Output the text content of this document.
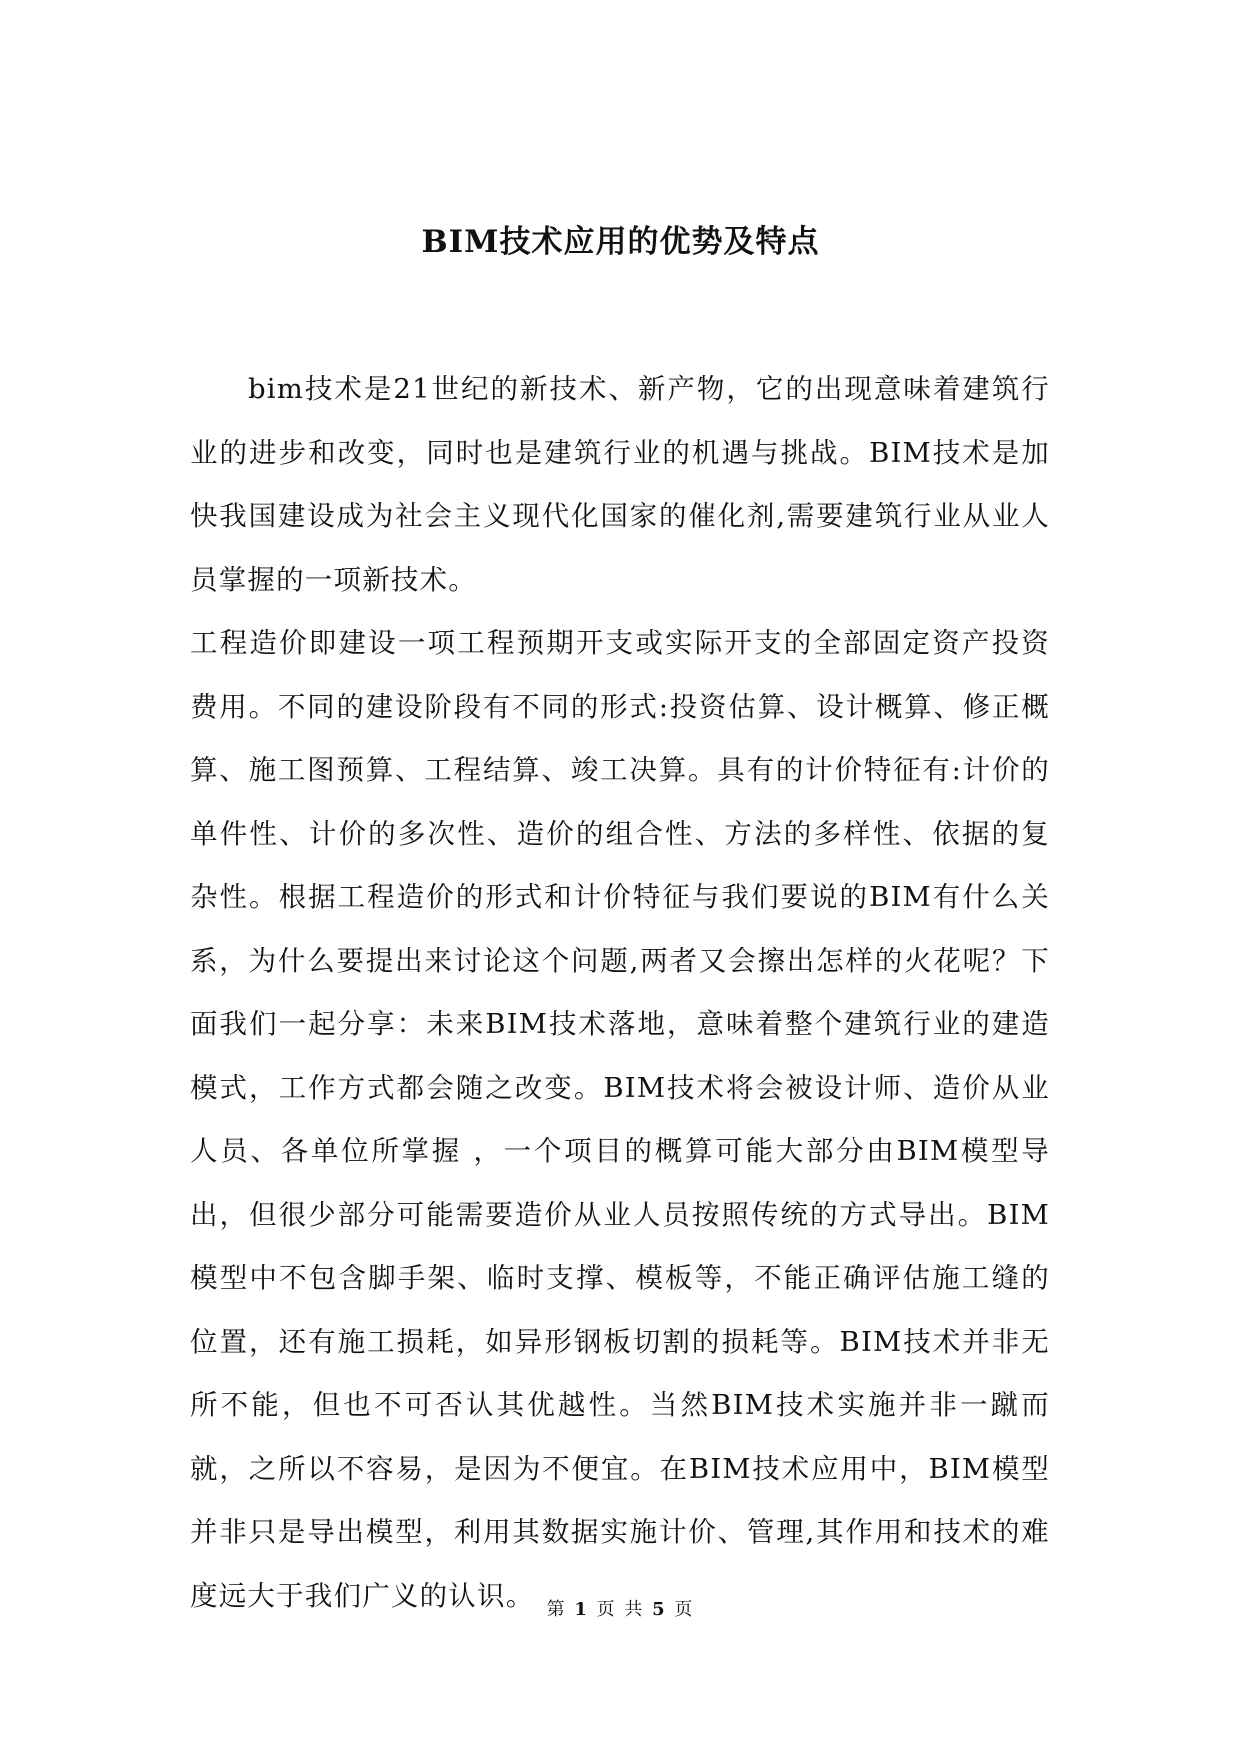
BIM技术应用的优势及特点

bim技术是21世纪的新技术、新产物，它的出现意味着建筑行业的进步和改变，同时也是建筑行业的机遇与挑战。BIM技术是加快我国建设成为社会主义现代化国家的催化剂,需要建筑行业从业人员掌握的一项新技术。

工程造价即建设一项工程预期开支或实际开支的全部固定资产投资费用。不同的建设阶段有不同的形式:投资估算、设计概算、修正概算、施工图预算、工程结算、竣工决算。具有的计价特征有:计价的单件性、计价的多次性、造价的组合性、方法的多样性、依据的复杂性。根据工程造价的形式和计价特征与我们要说的BIM有什么关系，为什么要提出来讨论这个问题,两者又会擦出怎样的火花呢？下面我们一起分享：未来BIM技术落地，意味着整个建筑行业的建造模式，工作方式都会随之改变。BIM技术将会被设计师、造价从业人员、各单位所掌握 ，一个项目的概算可能大部分由BIM模型导出，但很少部分可能需要造价从业人员按照传统的方式导出。BIM模型中不包含脚手架、临时支撑、模板等，不能正确评估施工缝的位置，还有施工损耗，如异形钢板切割的损耗等。BIM技术并非无所不能，但也不可否认其优越性。当然BIM技术实施并非一蹴而就，之所以不容易，是因为不便宜。在BIM技术应用中，BIM模型并非只是导出模型，利用其数据实施计价、管理,其作用和技术的难度远大于我们广义的认识。 第 1 页 共 5 页
